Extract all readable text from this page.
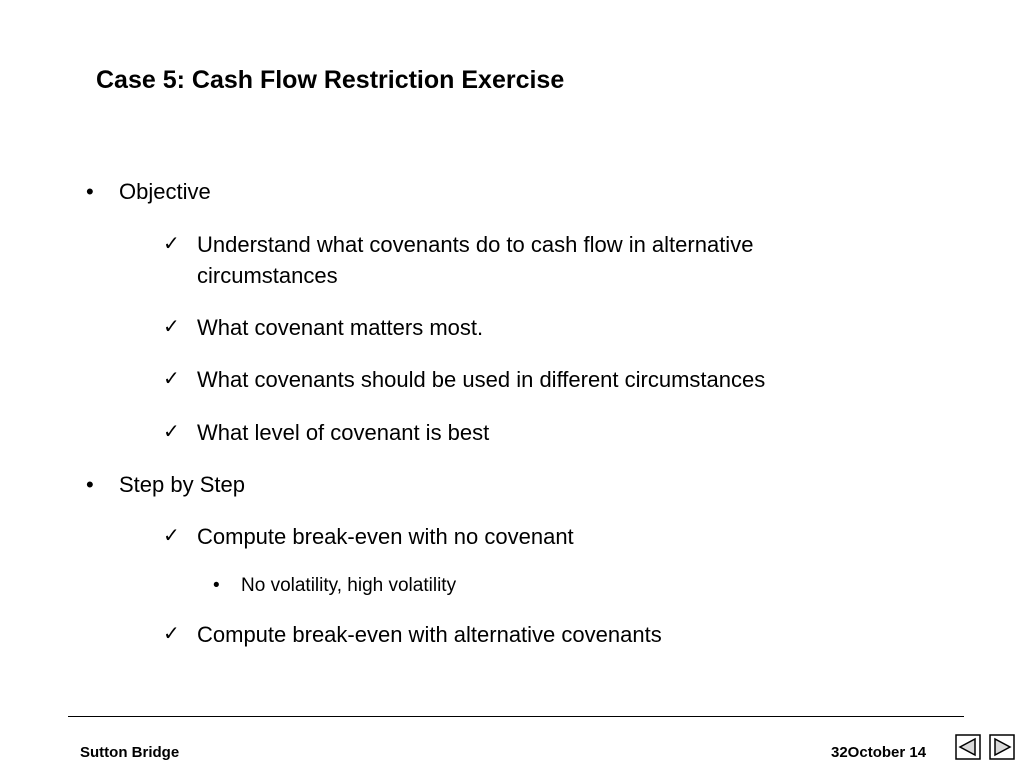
Case 5: Cash Flow Restriction Exercise
• Objective
✓ Understand what covenants do to cash flow in alternative circumstances
✓ What covenant matters most.
✓ What covenants should be used in different circumstances
✓ What level of covenant is best
• Step by Step
✓ Compute break-even with no covenant
• No volatility, high volatility
✓ Compute break-even with alternative covenants
Sutton Bridge	32October 14
